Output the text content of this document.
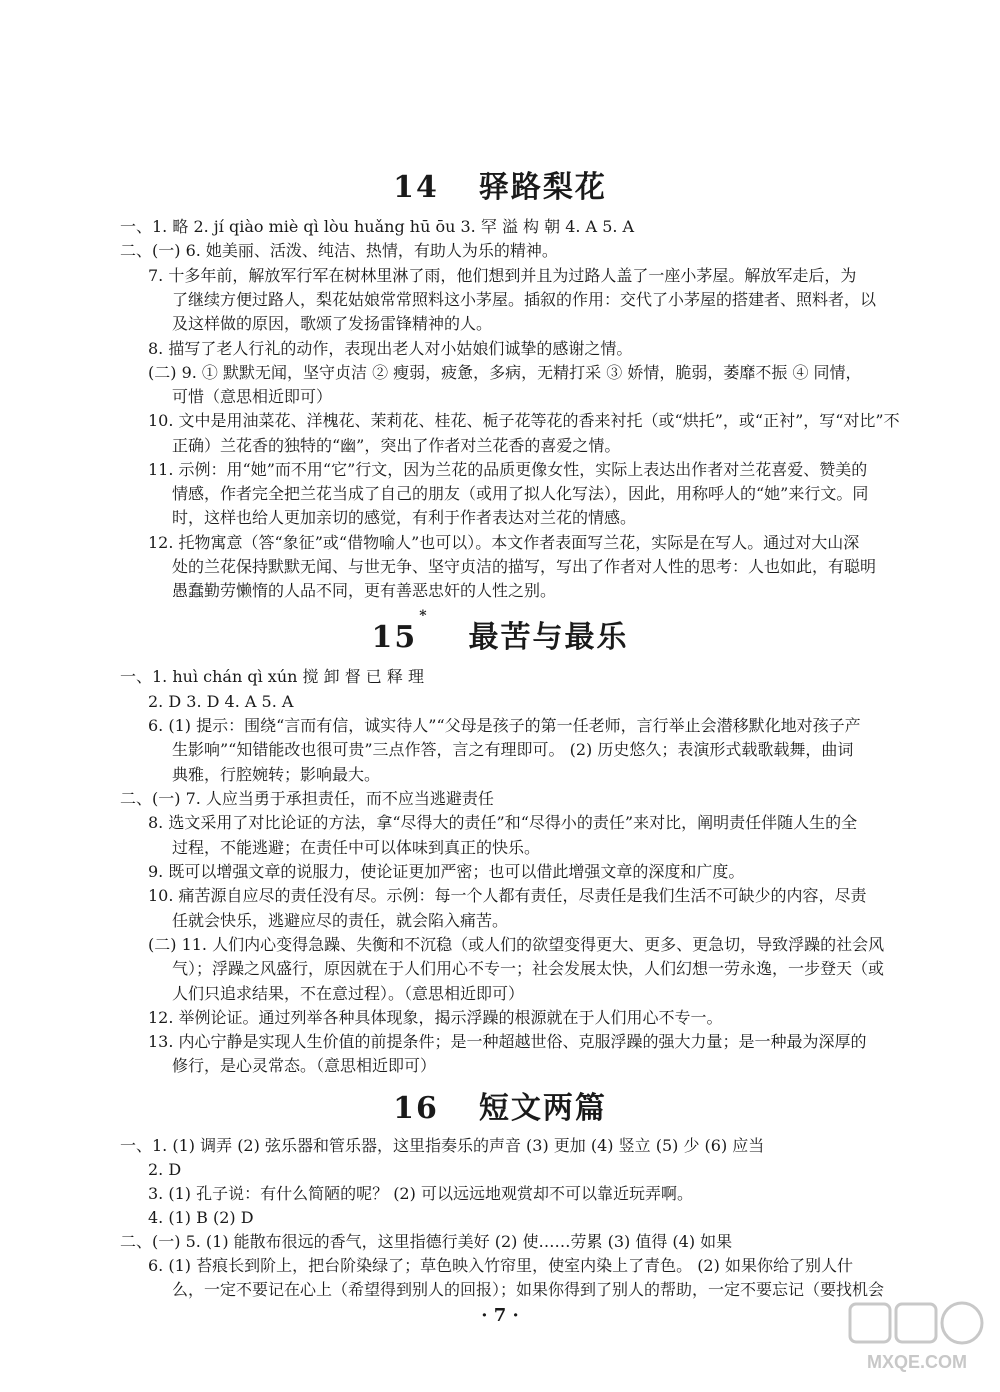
14 驿路梨花
一、1. 略 2. jí qiào miè qì lòu huǎng hū ōu 3. 罕 溢 构 朝 4. A 5. A
二、(一) 6. 她美丽、活泼、纯洁、热情，有助人为乐的精神。
7. 十多年前，解放军行军在树林里淋了雨，他们想到并且为过路人盖了一座小茅屋。解放军走后，为
了继续方便过路人，梨花姑娘常常照料这小茅屋。插叙的作用：交代了小茅屋的搭建者、照料者，以
及这样做的原因，歌颂了发扬雷锋精神的人。
8. 描写了老人行礼的动作，表现出老人对小姑娘们诚挚的感谢之情。
(二) 9. ① 默默无闻，坚守贞洁 ② 瘦弱，疲惫，多病，无精打采 ③ 娇情，脆弱，萎靡不振 ④ 同情，
可惜（意思相近即可）
10. 文中是用油菜花、洋槐花、茉莉花、桂花、栀子花等花的香来衬托（或“烘托”，或“正衬”，写“对比”不
正确）兰花香的独特的“幽”，突出了作者对兰花香的喜爱之情。
11. 示例：用“她”而不用“它”行文，因为兰花的品质更像女性，实际上表达出作者对兰花喜爱、赞美的
情感，作者完全把兰花当成了自己的朋友（或用了拟人化写法），因此，用称呼人的“她”来行文。同
时，这样也给人更加亲切的感觉，有利于作者表达对兰花的情感。
12. 托物寓意（答“象征”或“借物喻人”也可以）。本文作者表面写兰花，实际是在写人。通过对大山深
处的兰花保持默默无闻、与世无争、坚守贞洁的描写，写出了作者对人性的思考：人也如此，有聪明
愚蠢勤劳懒惰的人品不同，更有善恶忠奸的人性之别。
15*最苦与最乐
一、1. huì chán qì xún 搅 卸 督 已 释 理
2. D 3. D 4. A 5. A
6. (1) 提示：围绕“言而有信，诚实待人”“父母是孩子的第一任老师，言行举止会潜移默化地对孩子产
生影响”“知错能改也很可贵”三点作答，言之有理即可。 (2) 历史悠久；表演形式载歌载舞，曲词
典雅，行腔婉转；影响最大。
二、(一) 7. 人应当勇于承担责任，而不应当逃避责任
8. 选文采用了对比论证的方法，拿“尽得大的责任”和“尽得小的责任”来对比，阐明责任伴随人生的全
过程，不能逃避；在责任中可以体味到真正的快乐。
9. 既可以增强文章的说服力，使论证更加严密；也可以借此增强文章的深度和广度。
10. 痛苦源自应尽的责任没有尽。示例：每一个人都有责任，尽责任是我们生活不可缺少的内容，尽责
任就会快乐，逃避应尽的责任，就会陷入痛苦。
(二) 11. 人们内心变得急躁、失衡和不沉稳（或人们的欲望变得更大、更多、更急切，导致浮躁的社会风
气）；浮躁之风盛行，原因就在于人们用心不专一；社会发展太快，人们幻想一劳永逸，一步登天（或
人们只追求结果，不在意过程）。（意思相近即可）
12. 举例论证。通过列举各种具体现象，揭示浮躁的根源就在于人们用心不专一。
13. 内心宁静是实现人生价值的前提条件；是一种超越世俗、克服浮躁的强大力量；是一种最为深厚的
修行，是心灵常态。（意思相近即可）
16 短文两篇
一、1. (1) 调弄 (2) 弦乐器和管乐器，这里指奏乐的声音 (3) 更加 (4) 竖立 (5) 少 (6) 应当
2. D
3. (1) 孔子说：有什么简陋的呢？ (2) 可以远远地观赏却不可以靠近玩弄啊。
4. (1) B (2) D
二、(一) 5. (1) 能散布很远的香气，这里指德行美好 (2) 使……劳累 (3) 值得 (4) 如果
6. (1) 苔痕长到阶上，把台阶染绿了；草色映入竹帘里，使室内染上了青色。 (2) 如果你给了别人什
么，一定不要记在心上（希望得到别人的回报）；如果你得到了别人的帮助，一定不要忘记（要找机会
· 7 ·
MXQE.COM
